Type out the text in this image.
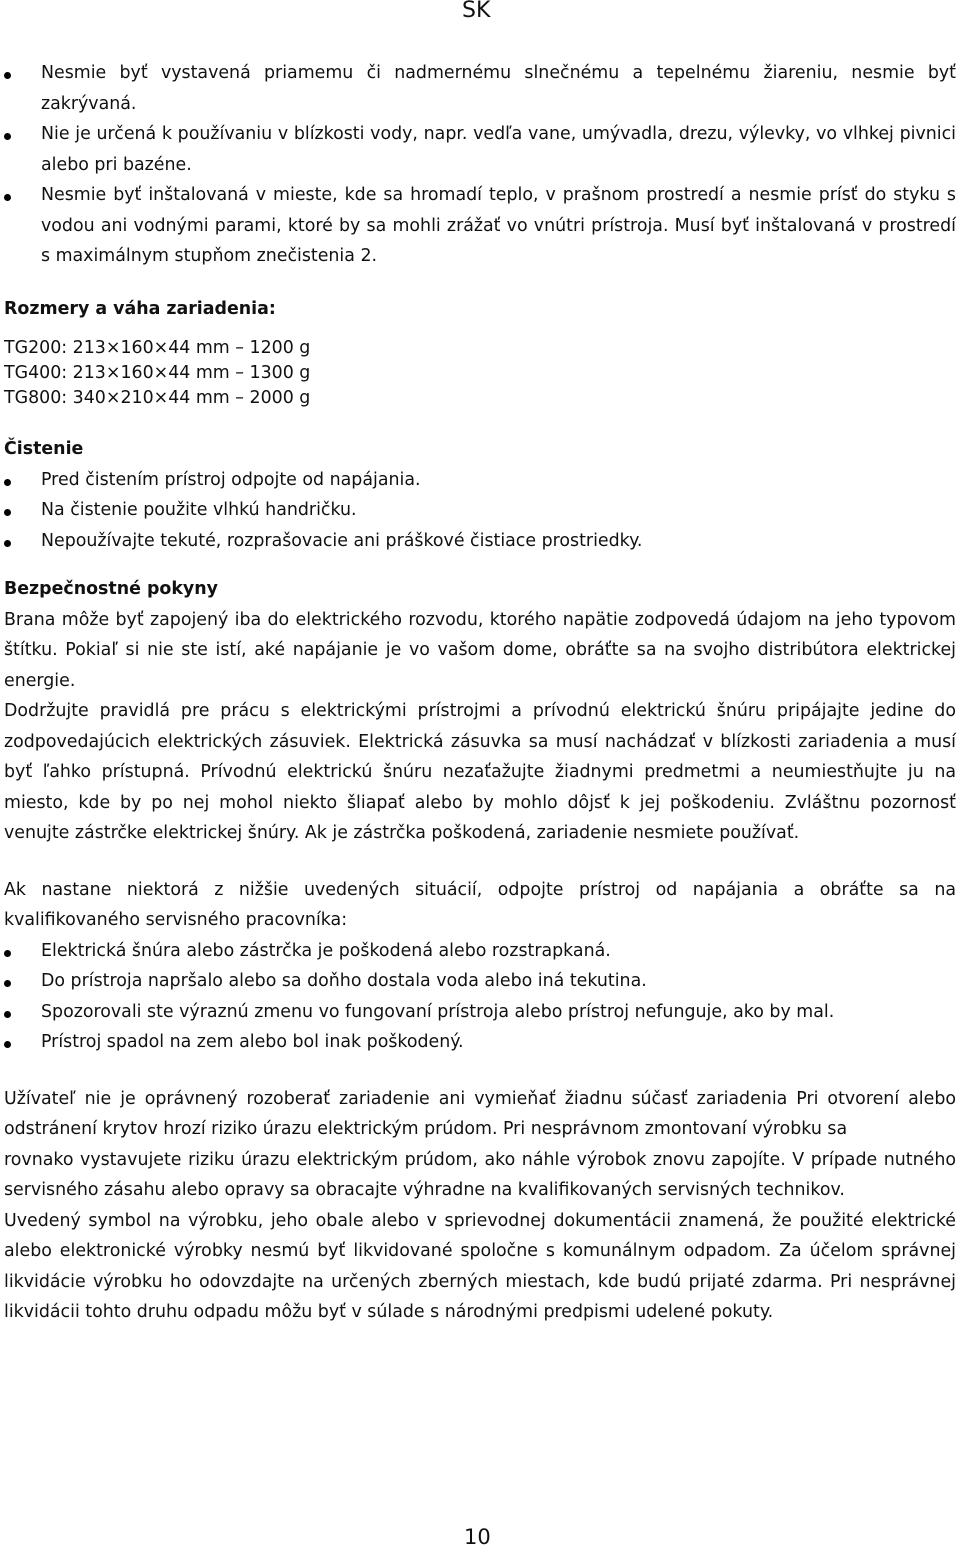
SK
Nesmie byť vystavená priamemu či nadmernému slnečnému a tepelnému žiareniu, nesmie byť zakrývaná.
Nie je určená k používaniu v blízkosti vody, napr. vedľa vane, umývadla, drezu, výlevky, vo vlhkej pivnici alebo pri bazéne.
Nesmie byť inštalovaná v mieste, kde sa hromadí teplo, v prašnom prostredí a nesmie prísť do styku s vodou ani vodnými parami, ktoré by sa mohli zrážať vo vnútri prístroja. Musí byť inštalovaná v prostredí s maximálnym stupňom znečistenia 2.
Rozmery a váha zariadenia:
TG200: 213×160×44 mm – 1200 g
TG400: 213×160×44 mm – 1300 g
TG800: 340×210×44 mm – 2000 g
Čistenie
Pred čistením prístroj odpojte od napájania.
Na čistenie použite vlhkú handričku.
Nepoužívajte tekuté, rozprašovacie ani práškové čistiace prostriedky.
Bezpečnostné pokyny

Brana môže byť zapojený iba do elektrického rozvodu, ktorého napätie zodpovedá údajom na jeho typovom štítku. Pokiaľ si nie ste istí, aké napájanie je vo vašom dome, obráťte sa na svojho distribútora elektrickej energie.

Dodržujte pravidlá pre prácu s elektrickými prístrojmi a prívodnú elektrickú šnúru pripájajte jedine do zodpovedajúcich elektrických zásuviek. Elektrická zásuvka sa musí nachádzať v blízkosti zariadenia a musí byť ľahko prístupná. Prívodnú elektrickú šnúru nezaťažujte žiadnymi predmetmi a neumiestňujte ju na miesto, kde by po nej mohol niekto šliapať alebo by mohlo dôjsť k jej poškodeniu. Zvláštnu pozornosť venujte zástrčke elektrickej šnúry. Ak je zástrčka poškodená, zariadenie nesmiete používať.

Ak nastane niektorá z nižšie uvedených situácií, odpojte prístroj od napájania a obráťte sa na kvalifikovaného servisného pracovníka:

Elektrická šnúra alebo zástrčka je poškodená alebo rozstrapkaná.
Do prístroja napršalo alebo sa doňho dostala voda alebo iná tekutina.
Spozorovali ste výraznú zmenu vo fungovaní prístroja alebo prístroj nefunguje, ako by mal.
Prístroj spadol na zem alebo bol inak poškodený.

Užívateľ nie je oprávnený rozoberať zariadenie ani vymieňať žiadnu súčasť zariadenia Pri otvorení alebo odstránení krytov hrozí riziko úrazu elektrickým prúdom. Pri nesprávnom zmontovaní výrobku sa

rovnako vystavujete riziku úrazu elektrickým prúdom, ako náhle výrobok znovu zapojíte. V prípade nutného servisného zásahu alebo opravy sa obracajte výhradne na kvalifikovaných servisných technikov.

Uvedený symbol na výrobku, jeho obale alebo v sprievodnej dokumentácii znamená, že použité elektrické alebo elektronické výrobky nesmú byť likvidované spoločne s komunálnym odpadom. Za účelom správnej likvidácie výrobku ho odovzdajte na určených zberných miestach, kde budú prijaté zdarma. Pri nesprávnej likvidácii tohto druhu odpadu môžu byť v súlade s národnými predpismi udelené pokuty.

10
